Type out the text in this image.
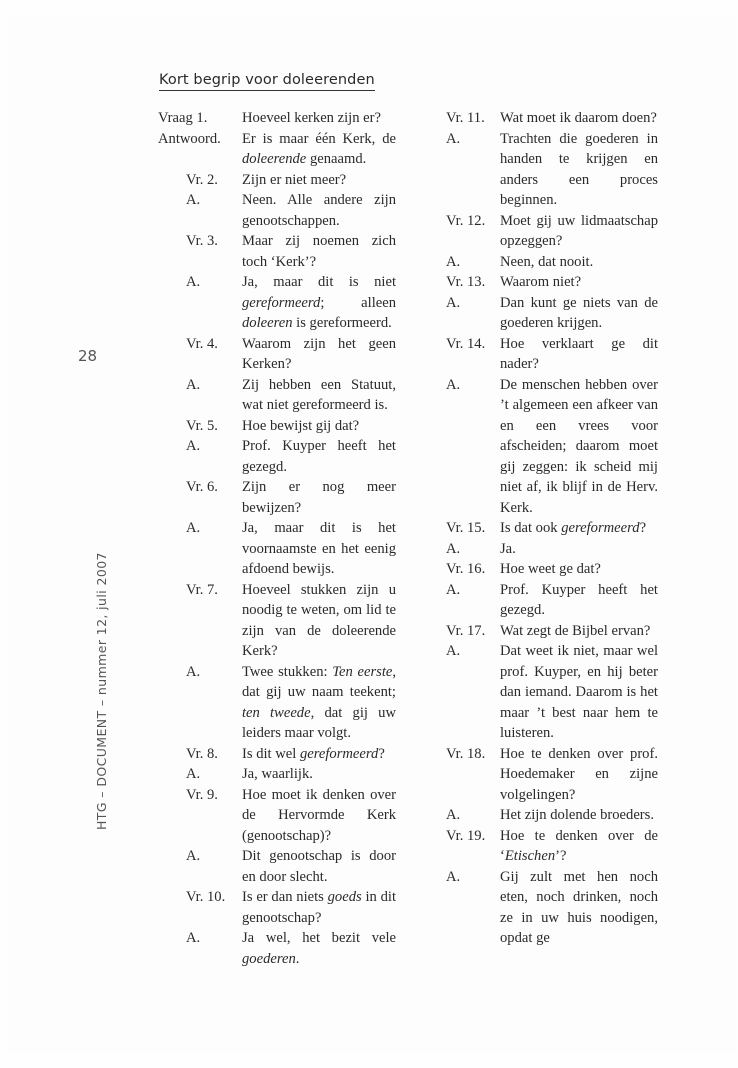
Kort begrip voor doleerenden
28
HTG – DOCUMENT – nummer 12, juli 2007
Vraag 1.	Hoeveel kerken zijn er?
Antwoord.	Er is maar één Kerk, de doleerende genaamd.
Vr. 2.	Zijn er niet meer?
A.	Neen. Alle andere zijn genootschappen.
Vr. 3.	Maar zij noemen zich toch ‘Kerk’?
A.	Ja, maar dit is niet gereformeerd; alleen doleeren is gereformeerd.
Vr. 4.	Waarom zijn het geen Kerken?
A.	Zij hebben een Statuut, wat niet gereformeerd is.
Vr. 5.	Hoe bewijst gij dat?
A.	Prof. Kuyper heeft het gezegd.
Vr. 6.	Zijn er nog meer bewijzen?
A.	Ja, maar dit is het voornaamste en het eenig afdoend bewijs.
Vr. 7.	Hoeveel stukken zijn u noodig te weten, om lid te zijn van de doleerende Kerk?
A.	Twee stukken: Ten eerste, dat gij uw naam teekent; ten tweede, dat gij uw leiders maar volgt.
Vr. 8.	Is dit wel gereformeerd?
A.	Ja, waarlijk.
Vr. 9.	Hoe moet ik denken over de Hervormde Kerk (genootschap)?
A.	Dit genootschap is door en door slecht.
Vr. 10.	Is er dan niets goeds in dit genootschap?
A.	Ja wel, het bezit vele goederen.
Vr. 11.	Wat moet ik daarom doen?
A.	Trachten die goederen in handen te krijgen en anders een proces beginnen.
Vr. 12.	Moet gij uw lidmaatschap opzeggen?
A.	Neen, dat nooit.
Vr. 13.	Waarom niet?
A.	Dan kunt ge niets van de goederen krijgen.
Vr. 14.	Hoe verklaart ge dit nader?
A.	De menschen hebben over ’t algemeen een afkeer van en een vrees voor afscheiden; daarom moet gij zeggen: ik scheid mij niet af, ik blijf in de Herv. Kerk.
Vr. 15.	Is dat ook gereformeerd?
A.	Ja.
Vr. 16.	Hoe weet ge dat?
A.	Prof. Kuyper heeft het gezegd.
Vr. 17.	Wat zegt de Bijbel ervan?
A.	Dat weet ik niet, maar wel prof. Kuyper, en hij beter dan iemand. Daarom is het maar ’t best naar hem te luisteren.
Vr. 18.	Hoe te denken over prof. Hoedemaker en zijne volgelingen?
A.	Het zijn dolende broeders.
Vr. 19.	Hoe te denken over de ‘Etischen’?
A.	Gij zult met hen noch eten, noch drinken, noch ze in uw huis noodigen, opdat ge
